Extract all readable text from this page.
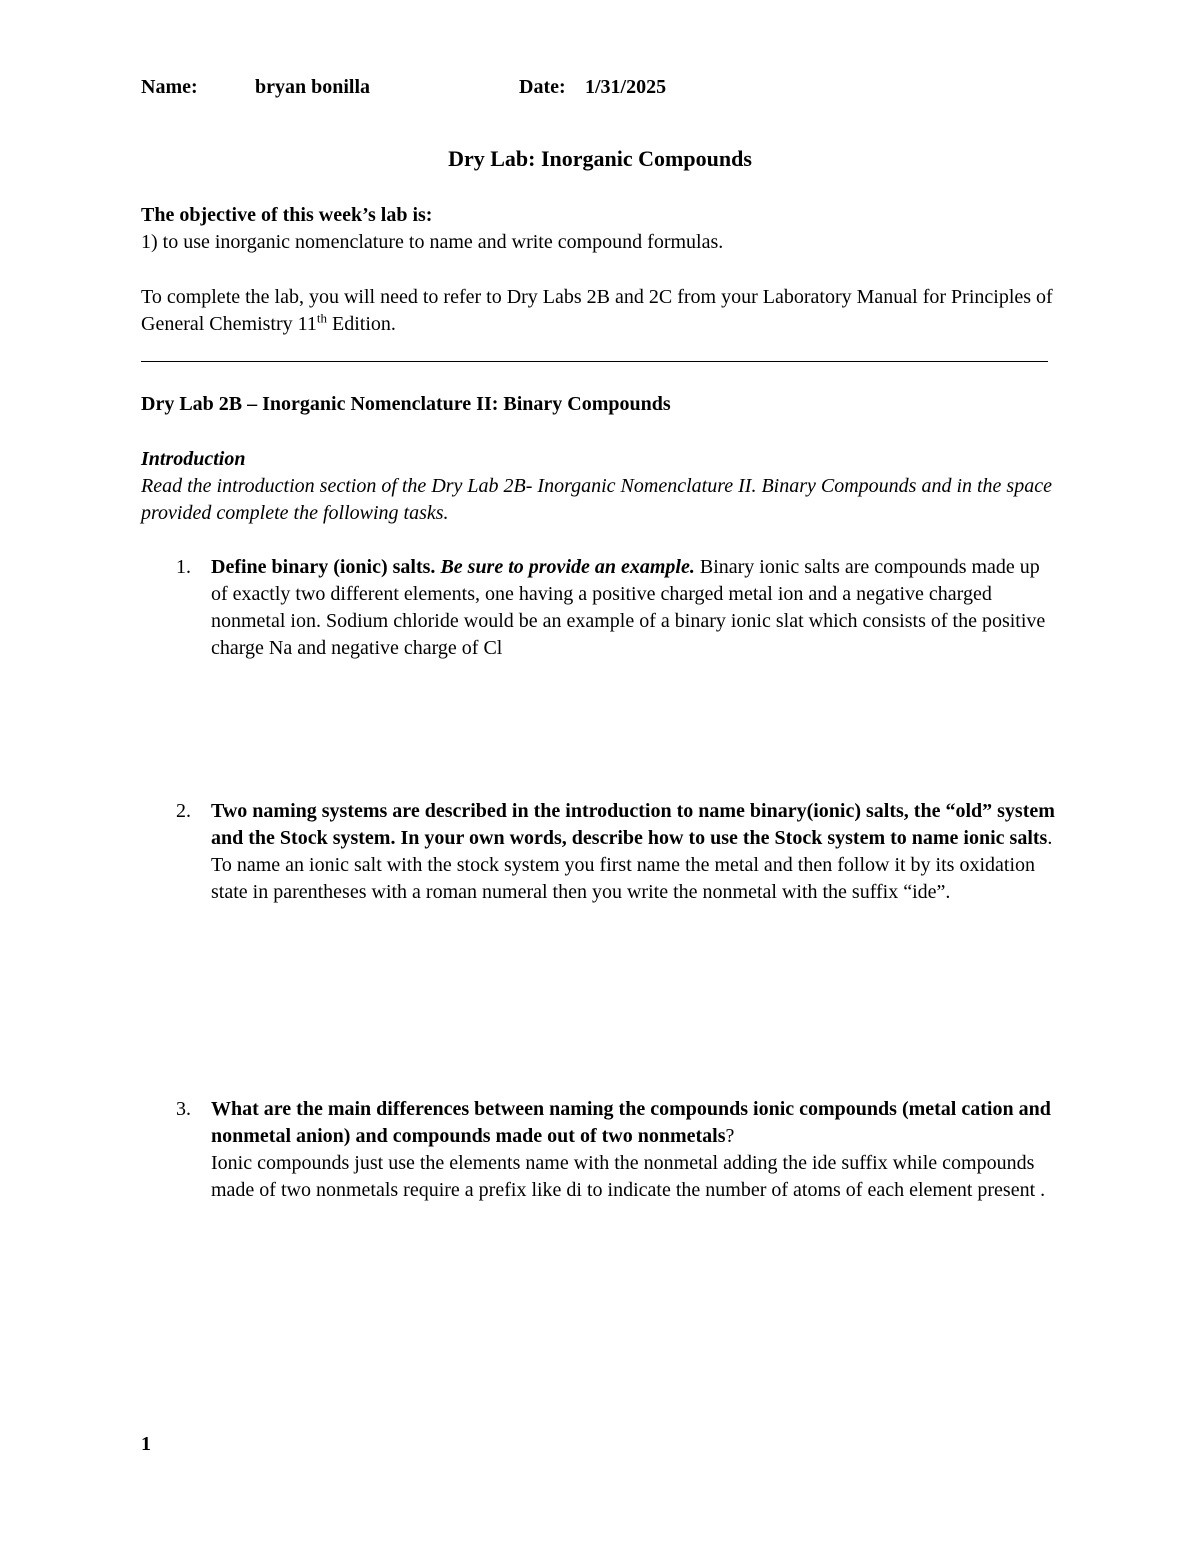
Name:	bryan bonilla	Date: 1/31/2025
Dry Lab: Inorganic Compounds
The objective of this week’s lab is:
1) to use inorganic nomenclature to name and write compound formulas.
To complete the lab, you will need to refer to Dry Labs 2B and 2C from your Laboratory Manual for Principles of General Chemistry 11th Edition.
Dry Lab 2B – Inorganic Nomenclature II: Binary Compounds
Introduction
Read the introduction section of the Dry Lab 2B- Inorganic Nomenclature II. Binary Compounds and in the space provided complete the following tasks.
1. Define binary (ionic) salts. Be sure to provide an example. Binary ionic salts are compounds made up of exactly two different elements, one having a positive charged metal ion and a negative charged nonmetal ion. Sodium chloride would be an example of a binary ionic slat which consists of the positive charge Na and negative charge of Cl
2. Two naming systems are described in the introduction to name binary(ionic) salts, the “old” system and the Stock system. In your own words, describe how to use the Stock system to name ionic salts. To name an ionic salt with the stock system you first name the metal and then follow it by its oxidation state in parentheses with a roman numeral then you write the nonmetal with the suffix “ide”.
3. What are the main differences between naming the compounds ionic compounds (metal cation and nonmetal anion) and compounds made out of two nonmetals?
Ionic compounds just use the elements name with the nonmetal adding the ide suffix while compounds made of two nonmetals require a prefix like di to indicate the number of atoms of each element present .
1
